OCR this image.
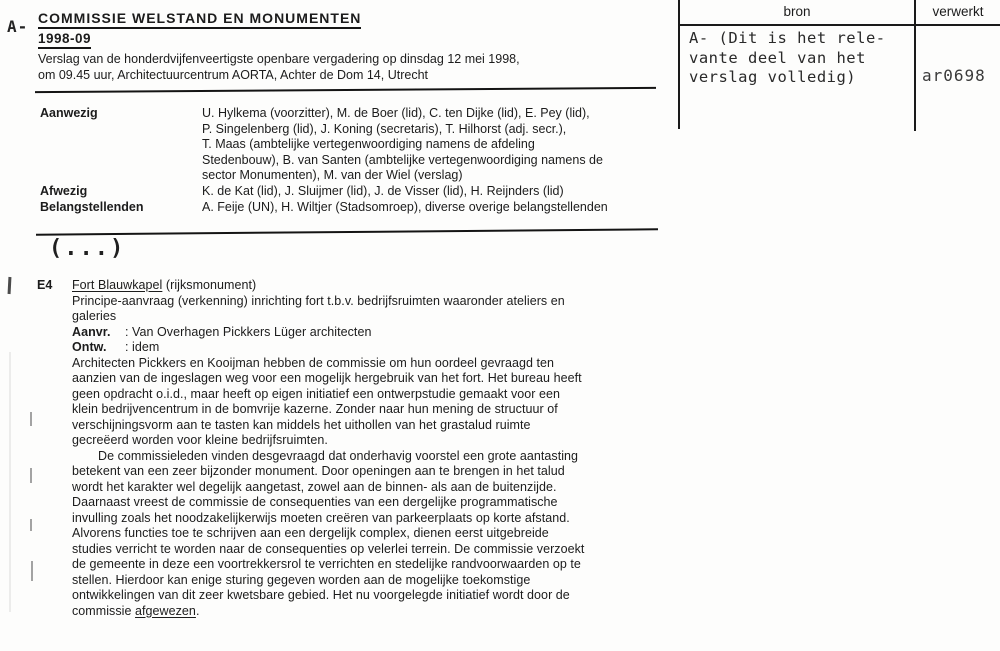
A- COMMISSIE WELSTAND EN MONUMENTEN
1998-09
Verslag van de honderdvijfenveertigste openbare vergadering op dinsdag 12 mei 1998,
om 09.45 uur, Architectuurcentrum AORTA, Achter de Dom 14, Utrecht
Aanwezig	U. Hylkema (voorzitter), M. de Boer (lid), C. ten Dijke (lid), E. Pey (lid),
P. Singelenberg (lid), J. Koning (secretaris), T. Hilhorst (adj. secr.),
T. Maas (ambtelijke vertegenwoordiging namens de afdeling
Stedenbouw), B. van Santen (ambtelijke vertegenwoordiging namens de
sector Monumenten), M. van der Wiel (verslag)
Afwezig	K. de Kat (lid), J. Sluijmer (lid), J. de Visser (lid), H. Reijnders (lid)
Belangstellenden	A. Feije (UN), H. Wiltjer (Stadsomroep), diverse overige belangstellenden
(...)
E4 Fort Blauwkapel (rijksmonument)
Principe-aanvraag (verkenning) inrichting fort t.b.v. bedrijfsruimten waaronder ateliers en
galeries
Aanvr. : Van Overhagen Pickkers Lüger architecten
Ontw. : idem
Architecten Pickkers en Kooijman hebben de commissie om hun oordeel gevraagd ten
aanzien van de ingeslagen weg voor een mogelijk hergebruik van het fort. Het bureau heeft
geen opdracht o.i.d., maar heeft op eigen initiatief een ontwerpstudie gemaakt voor een
klein bedrijvencentrum in de bomvrije kazerne. Zonder naar hun mening de structuur of
verschijningsvorm aan te tasten kan middels het uithollen van het grastalud ruimte
gecreëerd worden voor kleine bedrijfsruimten.
De commissieleden vinden desgevraagd dat onderhavig voorstel een grote aantasting
betekent van een zeer bijzonder monument. Door openingen aan te brengen in het talud
wordt het karakter wel degelijk aangetast, zowel aan de binnen- als aan de buitenzijde.
Daarnaast vreest de commissie de consequenties van een dergelijke programmatische
invulling zoals het noodzakelijkerwijs moeten creëren van parkeerplaats op korte afstand.
Alvorens functies toe te schrijven aan een dergelijk complex, dienen eerst uitgebreide
studies verricht te worden naar de consequenties op velerlei terrein. De commissie verzoekt
de gemeente in deze een voortrekkersrol te verrichten en stedelijke randvoorwaarden op te
stellen. Hierdoor kan enige sturing gegeven worden aan de mogelijke toekomstige
ontwikkelingen van dit zeer kwetsbare gebied. Het nu voorgelegde initiatief wordt door de
commissie afgewezen.
bron	verwerkt
A- (Dit is het rele-
vante deel van het
verslag volledig)	ar0698
